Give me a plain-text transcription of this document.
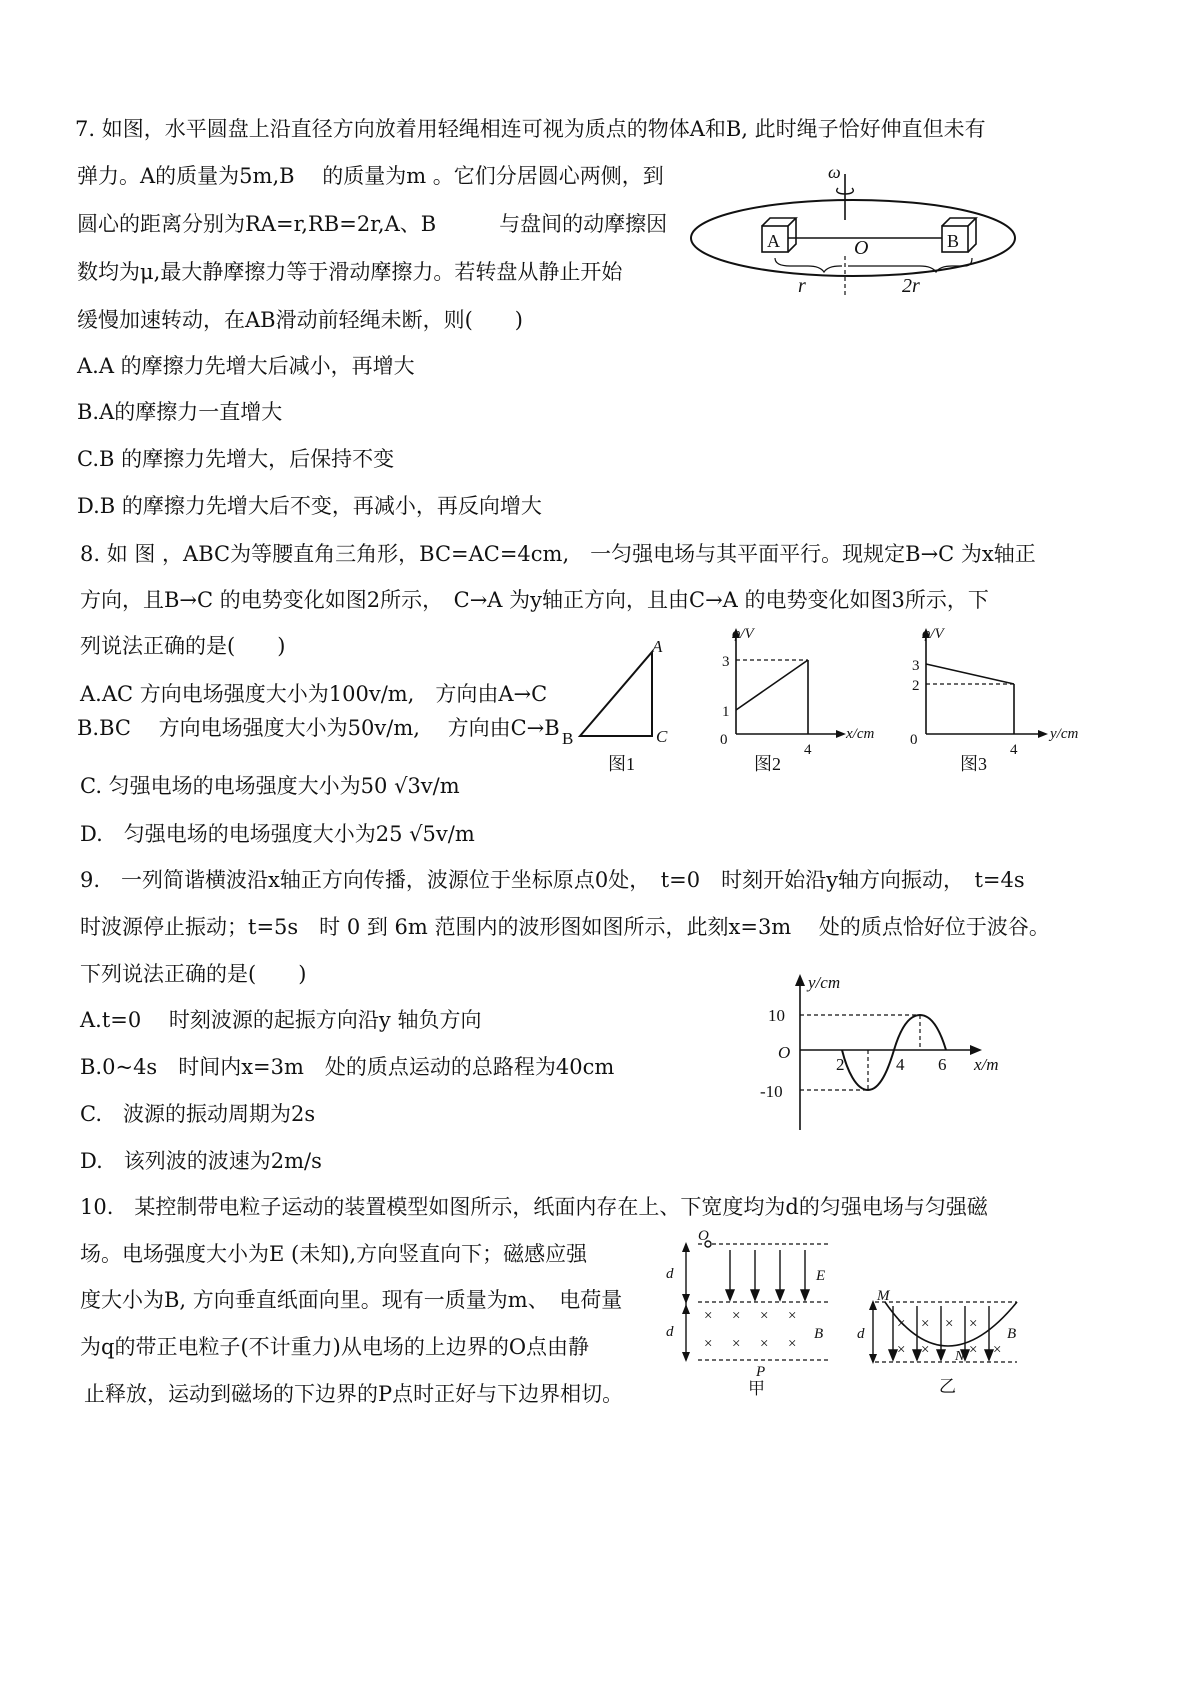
7. 如图，水平圆盘上沿直径方向放着用轻绳相连可视为质点的物体A和B, 此时绳子恰好伸直但未有
弹力。A的质量为5m,B　 的质量为m 。它们分居圆心两侧，到
圆心的距离分别为RA=r,RB=2r,A、B　　　与盘间的动摩擦因
数均为μ,最大静摩擦力等于滑动摩擦力。若转盘从静止开始
缓慢加速转动，在AB滑动前轻绳未断，则(　　)
A.A 的摩擦力先增大后减小，再增大
B.A的摩擦力一直增大
C.B 的摩擦力先增大，后保持不变
D.B 的摩擦力先增大后不变，再减小，再反向增大
ω
A	B
O
r	2r
8. 如 图 ，ABC为等腰直角三角形，BC=AC=4cm,　一匀强电场与其平面平行。现规定B→C 为x轴正
方向，且B→C 的电势变化如图2所示，　C→A 为y轴正方向，且由C→A 的电势变化如图3所示，下
列说法正确的是(　　)
A.AC 方向电场强度大小为100v/m,　方向由A→C
B.BC　 方向电场强度大小为50v/m,　 方向由C→B
C. 匀强电场的电场强度大小为50 √3v/m
D.　匀强电场的电场强度大小为25 √5v/m
A
B	C
图1
φ/V
x/cm
0
1
3
4
图2
φ/V
y/cm
0
3
2
4
图3
9.　一列简谐横波沿x轴正方向传播，波源位于坐标原点0处，　t=0　时刻开始沿y轴方向振动，　t=4s
时波源停止振动；t=5s　时 0 到 6m 范围内的波形图如图所示，此刻x=3m　 处的质点恰好位于波谷。
下列说法正确的是(　　)
A.t=0　 时刻波源的起振方向沿y 轴负方向
B.0~4s　时间内x=3m　处的质点运动的总路程为40cm
C.　波源的振动周期为2s
D.　该列波的波速为2m/s
y/cm
x/m
O
10
-10
2	4 6
10.　某控制带电粒子运动的装置模型如图所示，纸面内存在上、下宽度均为d的匀强电场与匀强磁
场。电场强度大小为E (未知),方向竖直向下；磁感应强
度大小为B, 方向垂直纸面向里。现有一质量为m、　电荷量
为q的带正电粒子(不计重力)从电场的上边界的O点由静
止释放，运动到磁场的下边界的P点时正好与下边界相切。
d
d
O
E
× × × ×
× × × ×
B
P
甲
d
× × × ×
× ×	× ×
M
N
B
乙
